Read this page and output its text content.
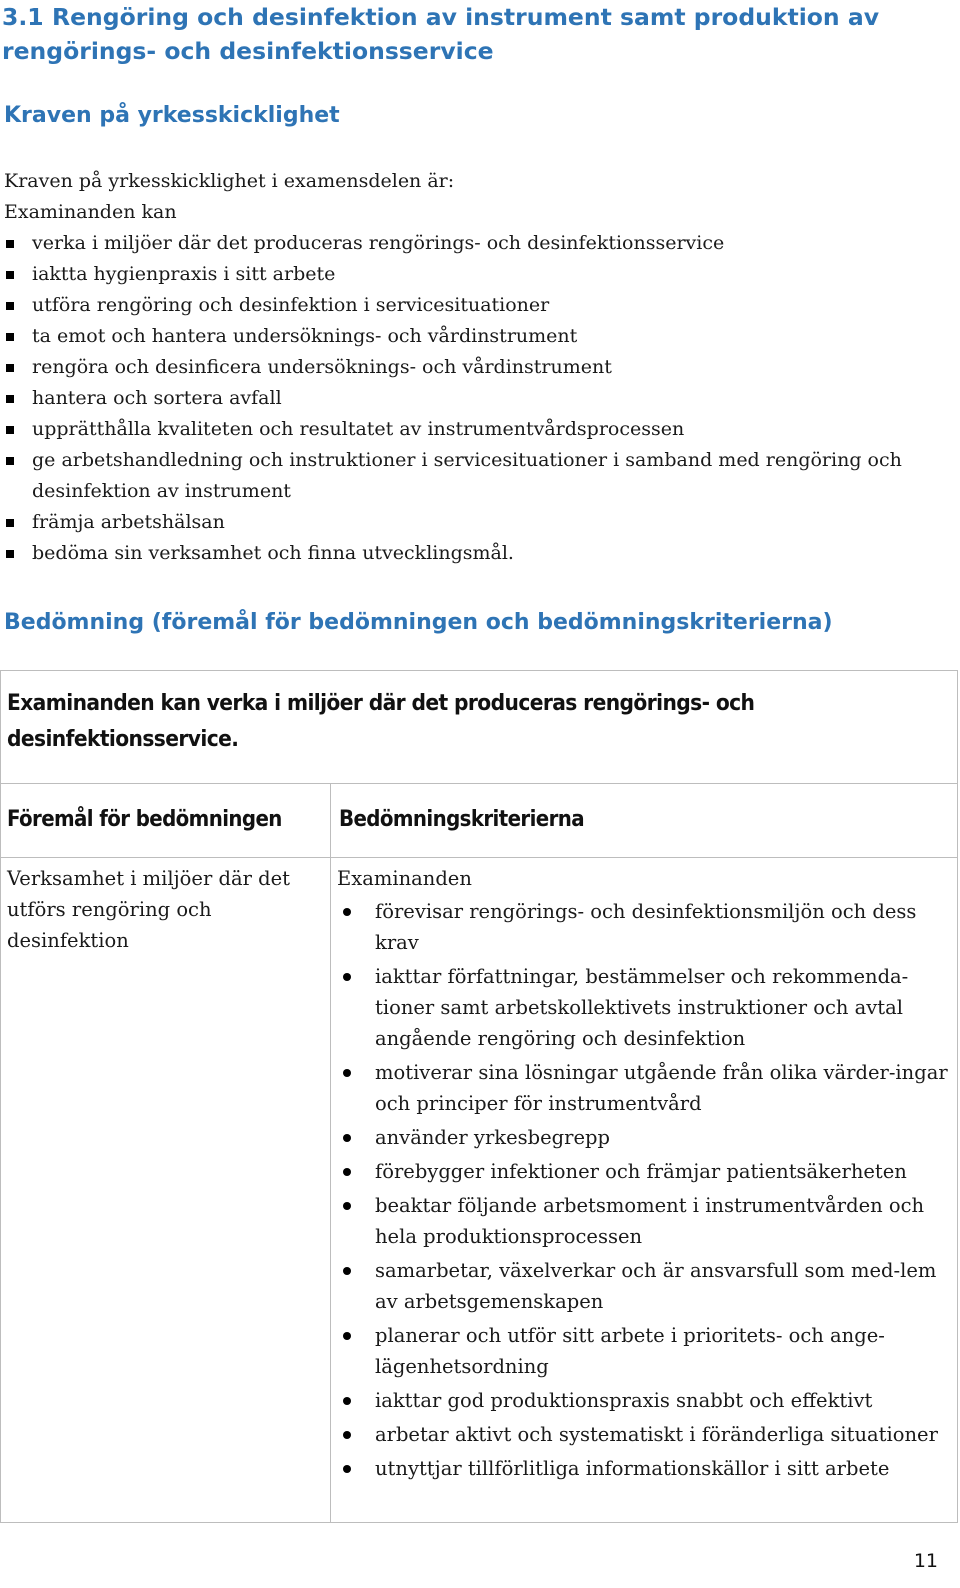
3.1 Rengöring och desinfektion av instrument samt produktion av rengörings- och desinfektionsservice
Kraven på yrkesskicklighet

Kraven på yrkesskicklighet i examensdelen är:

Examinanden kan

verka i miljöer där det produceras rengörings- och desinfektionsservice
iaktta hygienpraxis i sitt arbete
utföra rengöring och desinfektion i servicesituationer
ta emot och hantera undersöknings- och vårdinstrument
rengöra och desinficera undersöknings- och vårdinstrument
hantera och sortera avfall
upprätthålla kvaliteten och resultatet av instrumentvårdsprocessen
ge arbetshandledning och instruktioner i servicesituationer i samband med rengöring och desinfektion av instrument
främja arbetshälsan
bedöma sin verksamhet och finna utvecklingsmål.
Bedömning (föremål för bedömningen och bedömningskriterierna)
Examinanden kan verka i miljöer där det produceras rengörings- och desinfektionsservice.
Föremål för bedömningen	Bedömningskriterierna
Verksamhet i miljöer där det utförs rengöring och desinfektion

Examinanden

förevisar rengörings- och desinfektionsmiljön och dess krav
iakttar författningar, bestämmelser och rekommenda-tioner samt arbetskollektivets instruktioner och avtal angående rengöring och desinfektion
motiverar sina lösningar utgående från olika värder-ingar och principer för instrumentvård
använder yrkesbegrepp
förebygger infektioner och främjar patientsäkerheten
beaktar följande arbetsmoment i instrumentvården och hela produktionsprocessen
samarbetar, växelverkar och är ansvarsfull som med-lem av arbetsgemenskapen
planerar och utför sitt arbete i prioritets- och ange-lägenhetsordning
iakttar god produktionspraxis snabbt och effektivt
arbetar aktivt och systematiskt i föränderliga situationer
utnyttjar tillförlitliga informationskällor i sitt arbete
11
